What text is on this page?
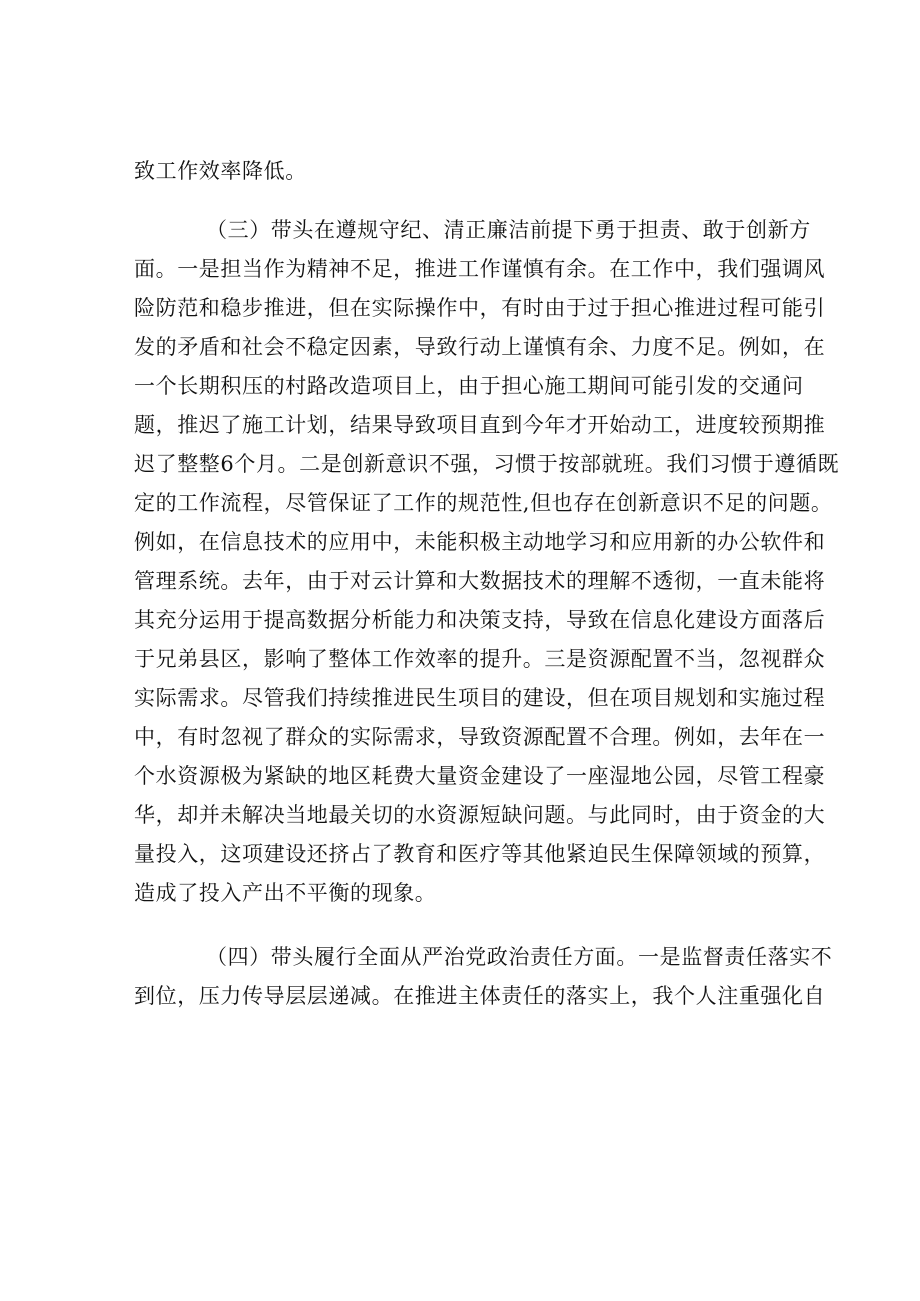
致工作效率降低。
（三）带头在遵规守纪、清正廉洁前提下勇于担责、敢于创新方
面。一是担当作为精神不足，推进工作谨慎有余。在工作中，我们强调风
险防范和稳步推进，但在实际操作中，有时由于过于担心推进过程可能引
发的矛盾和社会不稳定因素，导致行动上谨慎有余、力度不足。例如，在
一个长期积压的村路改造项目上，由于担心施工期间可能引发的交通问
题，推迟了施工计划，结果导致项目直到今年才开始动工，进度较预期推
迟了整整6个月。二是创新意识不强，习惯于按部就班。我们习惯于遵循既
定的工作流程，尽管保证了工作的规范性,但也存在创新意识不足的问题。
例如，在信息技术的应用中，未能积极主动地学习和应用新的办公软件和
管理系统。去年，由于对云计算和大数据技术的理解不透彻，一直未能将
其充分运用于提高数据分析能力和决策支持，导致在信息化建设方面落后
于兄弟县区，影响了整体工作效率的提升。三是资源配置不当，忽视群众
实际需求。尽管我们持续推进民生项目的建设，但在项目规划和实施过程
中，有时忽视了群众的实际需求，导致资源配置不合理。例如，去年在一
个水资源极为紧缺的地区耗费大量资金建设了一座湿地公园，尽管工程豪
华，却并未解决当地最关切的水资源短缺问题。与此同时，由于资金的大
量投入，这项建设还挤占了教育和医疗等其他紧迫民生保障领域的预算，
造成了投入产出不平衡的现象。
（四）带头履行全面从严治党政治责任方面。一是监督责任落实不
到位，压力传导层层递减。在推进主体责任的落实上，我个人注重强化自
